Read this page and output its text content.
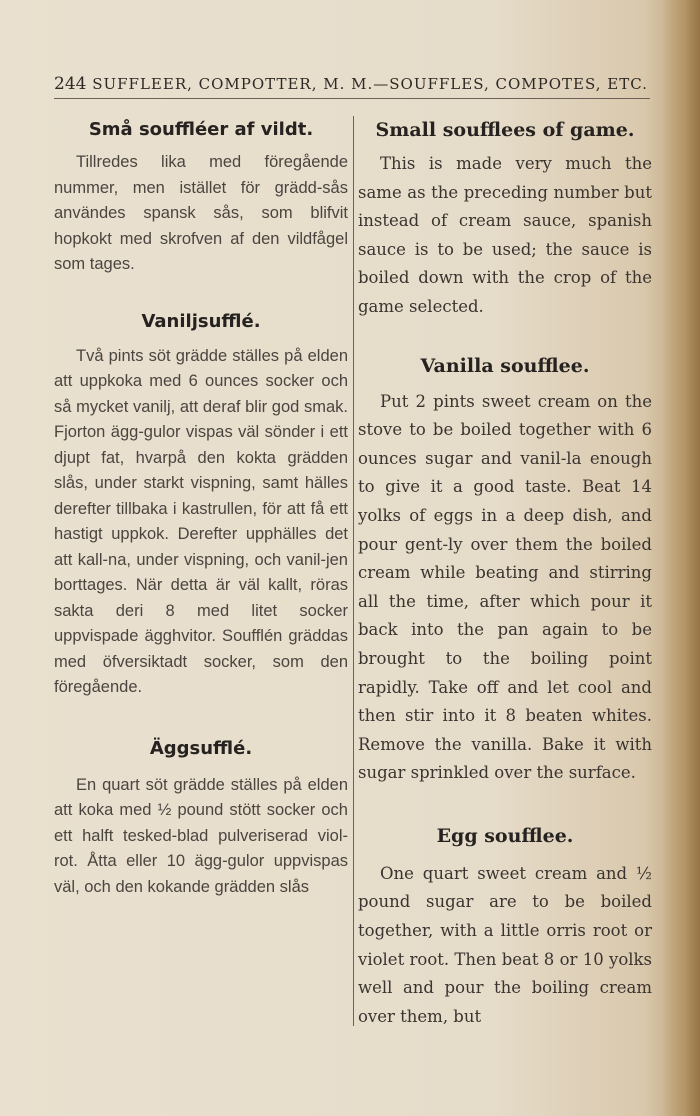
244 SUFFLEER, COMPOTTER, M. M.—SOUFFLES, COMPOTES, ETC.
Små souffléer af vildt.

Tillredes lika med föregående nummer, men istället för grädd-sås användes spansk sås, som blifvit hopkokt med skrofven af den vildfågel som tages.

Vaniljsufflé.

Två pints söt grädde ställes på elden att uppkoka med 6 ounces socker och så mycket vanilj, att deraf blir god smak. Fjorton ägg-gulor vispas väl sönder i ett djupt fat, hvarpå den kokta grädden slås, under starkt vispning, samt hälles derefter tillbaka i kastrullen, för att få ett hastigt uppkok. Derefter upphälles det att kall-na, under vispning, och vanil-jen borttages. När detta är väl kallt, röras sakta deri 8 med litet socker uppvispade ägghvitor. Soufflén gräddas med öfversiktadt socker, som den föregående.

Äggsufflé.

En quart söt grädde ställes på elden att koka med ½ pound stött socker och ett halft tesked-blad pulveriserad viol-rot. Åtta eller 10 ägg-gulor uppvispas väl, och den kokande grädden slås

Small soufflees of game.

This is made very much the same as the preceding number but instead of cream sauce, spanish sauce is to be used; the sauce is boiled down with the crop of the game selected.

Vanilla soufflee.

Put 2 pints sweet cream on the stove to be boiled together with 6 ounces sugar and vanil-la enough to give it a good taste. Beat 14 yolks of eggs in a deep dish, and pour gent-ly over them the boiled cream while beating and stirring all the time, after which pour it back into the pan again to be brought to the boiling point rapidly. Take off and let cool and then stir into it 8 beaten whites. Remove the vanilla. Bake it with sugar sprinkled over the surface.

Egg soufflee.

One quart sweet cream and ½ pound sugar are to be boiled together, with a little orris root or violet root. Then beat 8 or 10 yolks well and pour the boiling cream over them, but
